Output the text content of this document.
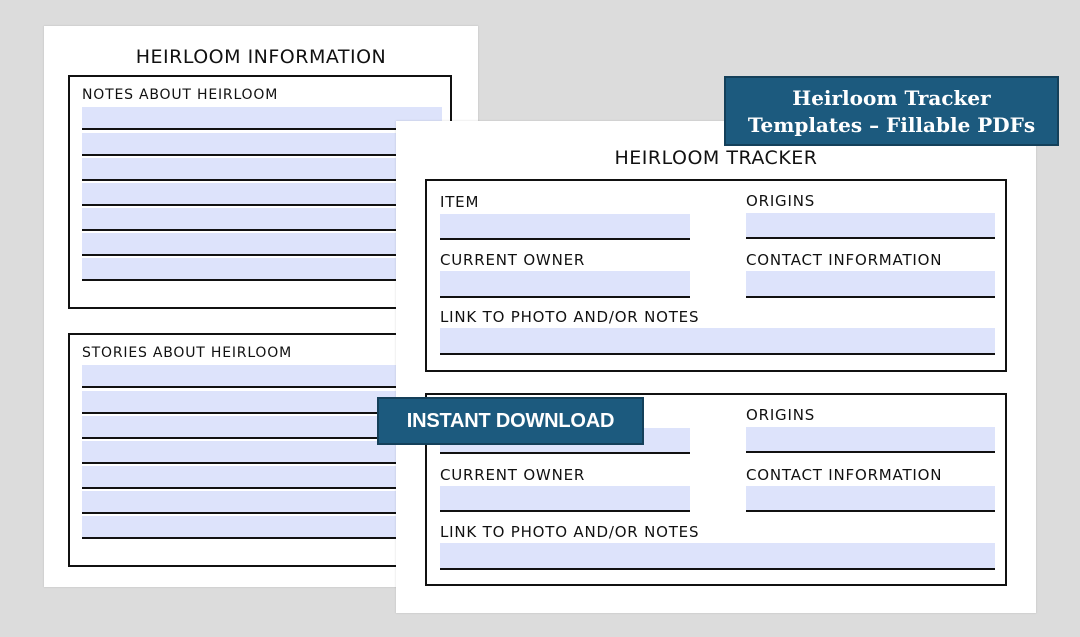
HEIRLOOM INFORMATION
NOTES ABOUT HEIRLOOM
STORIES ABOUT HEIRLOOM
HEIRLOOM TRACKER
ITEM	ORIGINS
CURRENT OWNER	CONTACT INFORMATION
LINK TO PHOTO AND/OR NOTES
ORIGINS
CURRENT OWNER	CONTACT INFORMATION
LINK TO PHOTO AND/OR NOTES
Heirloom Tracker
Templates – Fillable PDFs
INSTANT DOWNLOAD
